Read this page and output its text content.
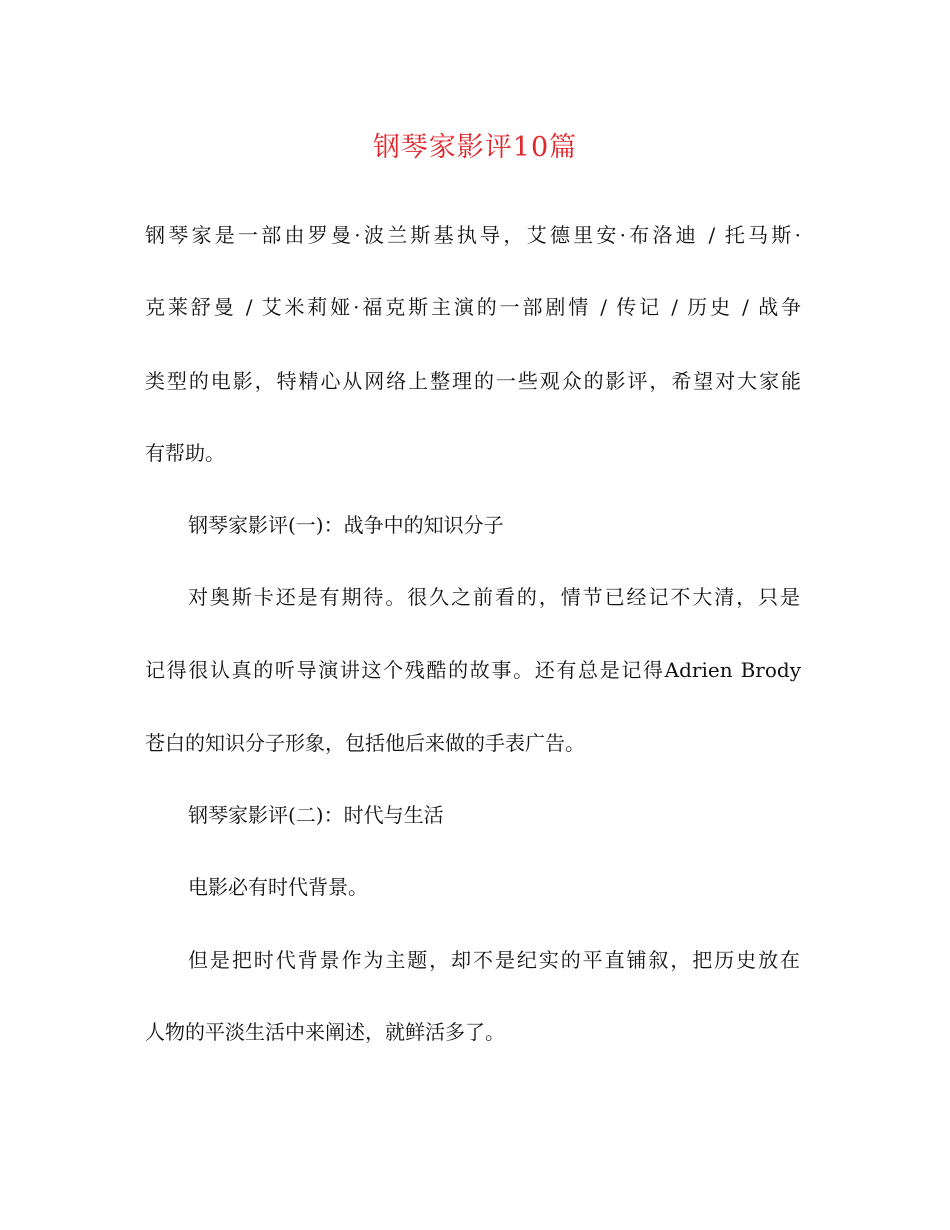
钢琴家影评10篇
钢琴家是一部由罗曼·波兰斯基执导，艾德里安·布洛迪 / 托马斯·
克莱舒曼 / 艾米莉娅·福克斯主演的一部剧情 / 传记 / 历史 / 战争
类型的电影，特精心从网络上整理的一些观众的影评，希望对大家能
有帮助。
钢琴家影评(一)：战争中的知识分子
对奥斯卡还是有期待。很久之前看的，情节已经记不大清，只是
记得很认真的听导演讲这个残酷的故事。还有总是记得Adrien Brody
苍白的知识分子形象，包括他后来做的手表广告。
钢琴家影评(二)：时代与生活
电影必有时代背景。
但是把时代背景作为主题，却不是纪实的平直铺叙，把历史放在
人物的平淡生活中来阐述，就鲜活多了。
